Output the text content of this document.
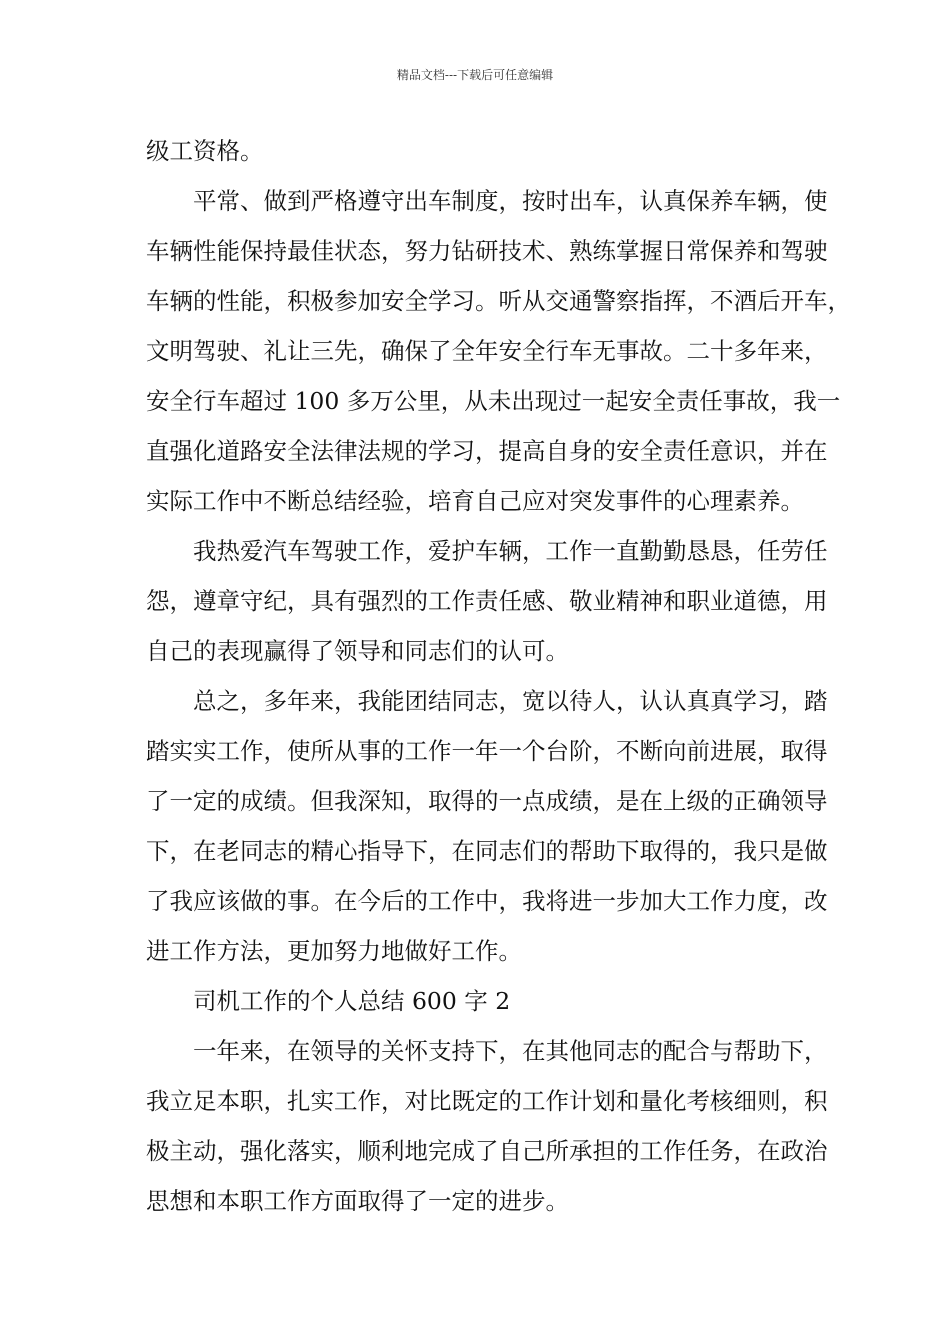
精品文档---下载后可任意编辑
级工资格。
平常、做到严格遵守出车制度，按时出车，认真保养车辆，使
车辆性能保持最佳状态，努力钻研技术、熟练掌握日常保养和驾驶
车辆的性能，积极参加安全学习。听从交通警察指挥，不酒后开车，
文明驾驶、礼让三先，确保了全年安全行车无事故。二十多年来，
安全行车超过 100 多万公里，从未出现过一起安全责任事故，我一
直强化道路安全法律法规的学习，提高自身的安全责任意识，并在
实际工作中不断总结经验，培育自己应对突发事件的心理素养。
我热爱汽车驾驶工作，爱护车辆，工作一直勤勤恳恳，任劳任
怨，遵章守纪，具有强烈的工作责任感、敬业精神和职业道德，用
自己的表现赢得了领导和同志们的认可。
总之，多年来，我能团结同志，宽以待人，认认真真学习，踏
踏实实工作，使所从事的工作一年一个台阶，不断向前进展，取得
了一定的成绩。但我深知，取得的一点成绩，是在上级的正确领导
下，在老同志的精心指导下，在同志们的帮助下取得的，我只是做
了我应该做的事。在今后的工作中，我将进一步加大工作力度，改
进工作方法，更加努力地做好工作。
司机工作的个人总结 600 字 2
一年来，在领导的关怀支持下，在其他同志的配合与帮助下，
我立足本职，扎实工作，对比既定的工作计划和量化考核细则，积
极主动，强化落实，顺利地完成了自己所承担的工作任务，在政治
思想和本职工作方面取得了一定的进步。
